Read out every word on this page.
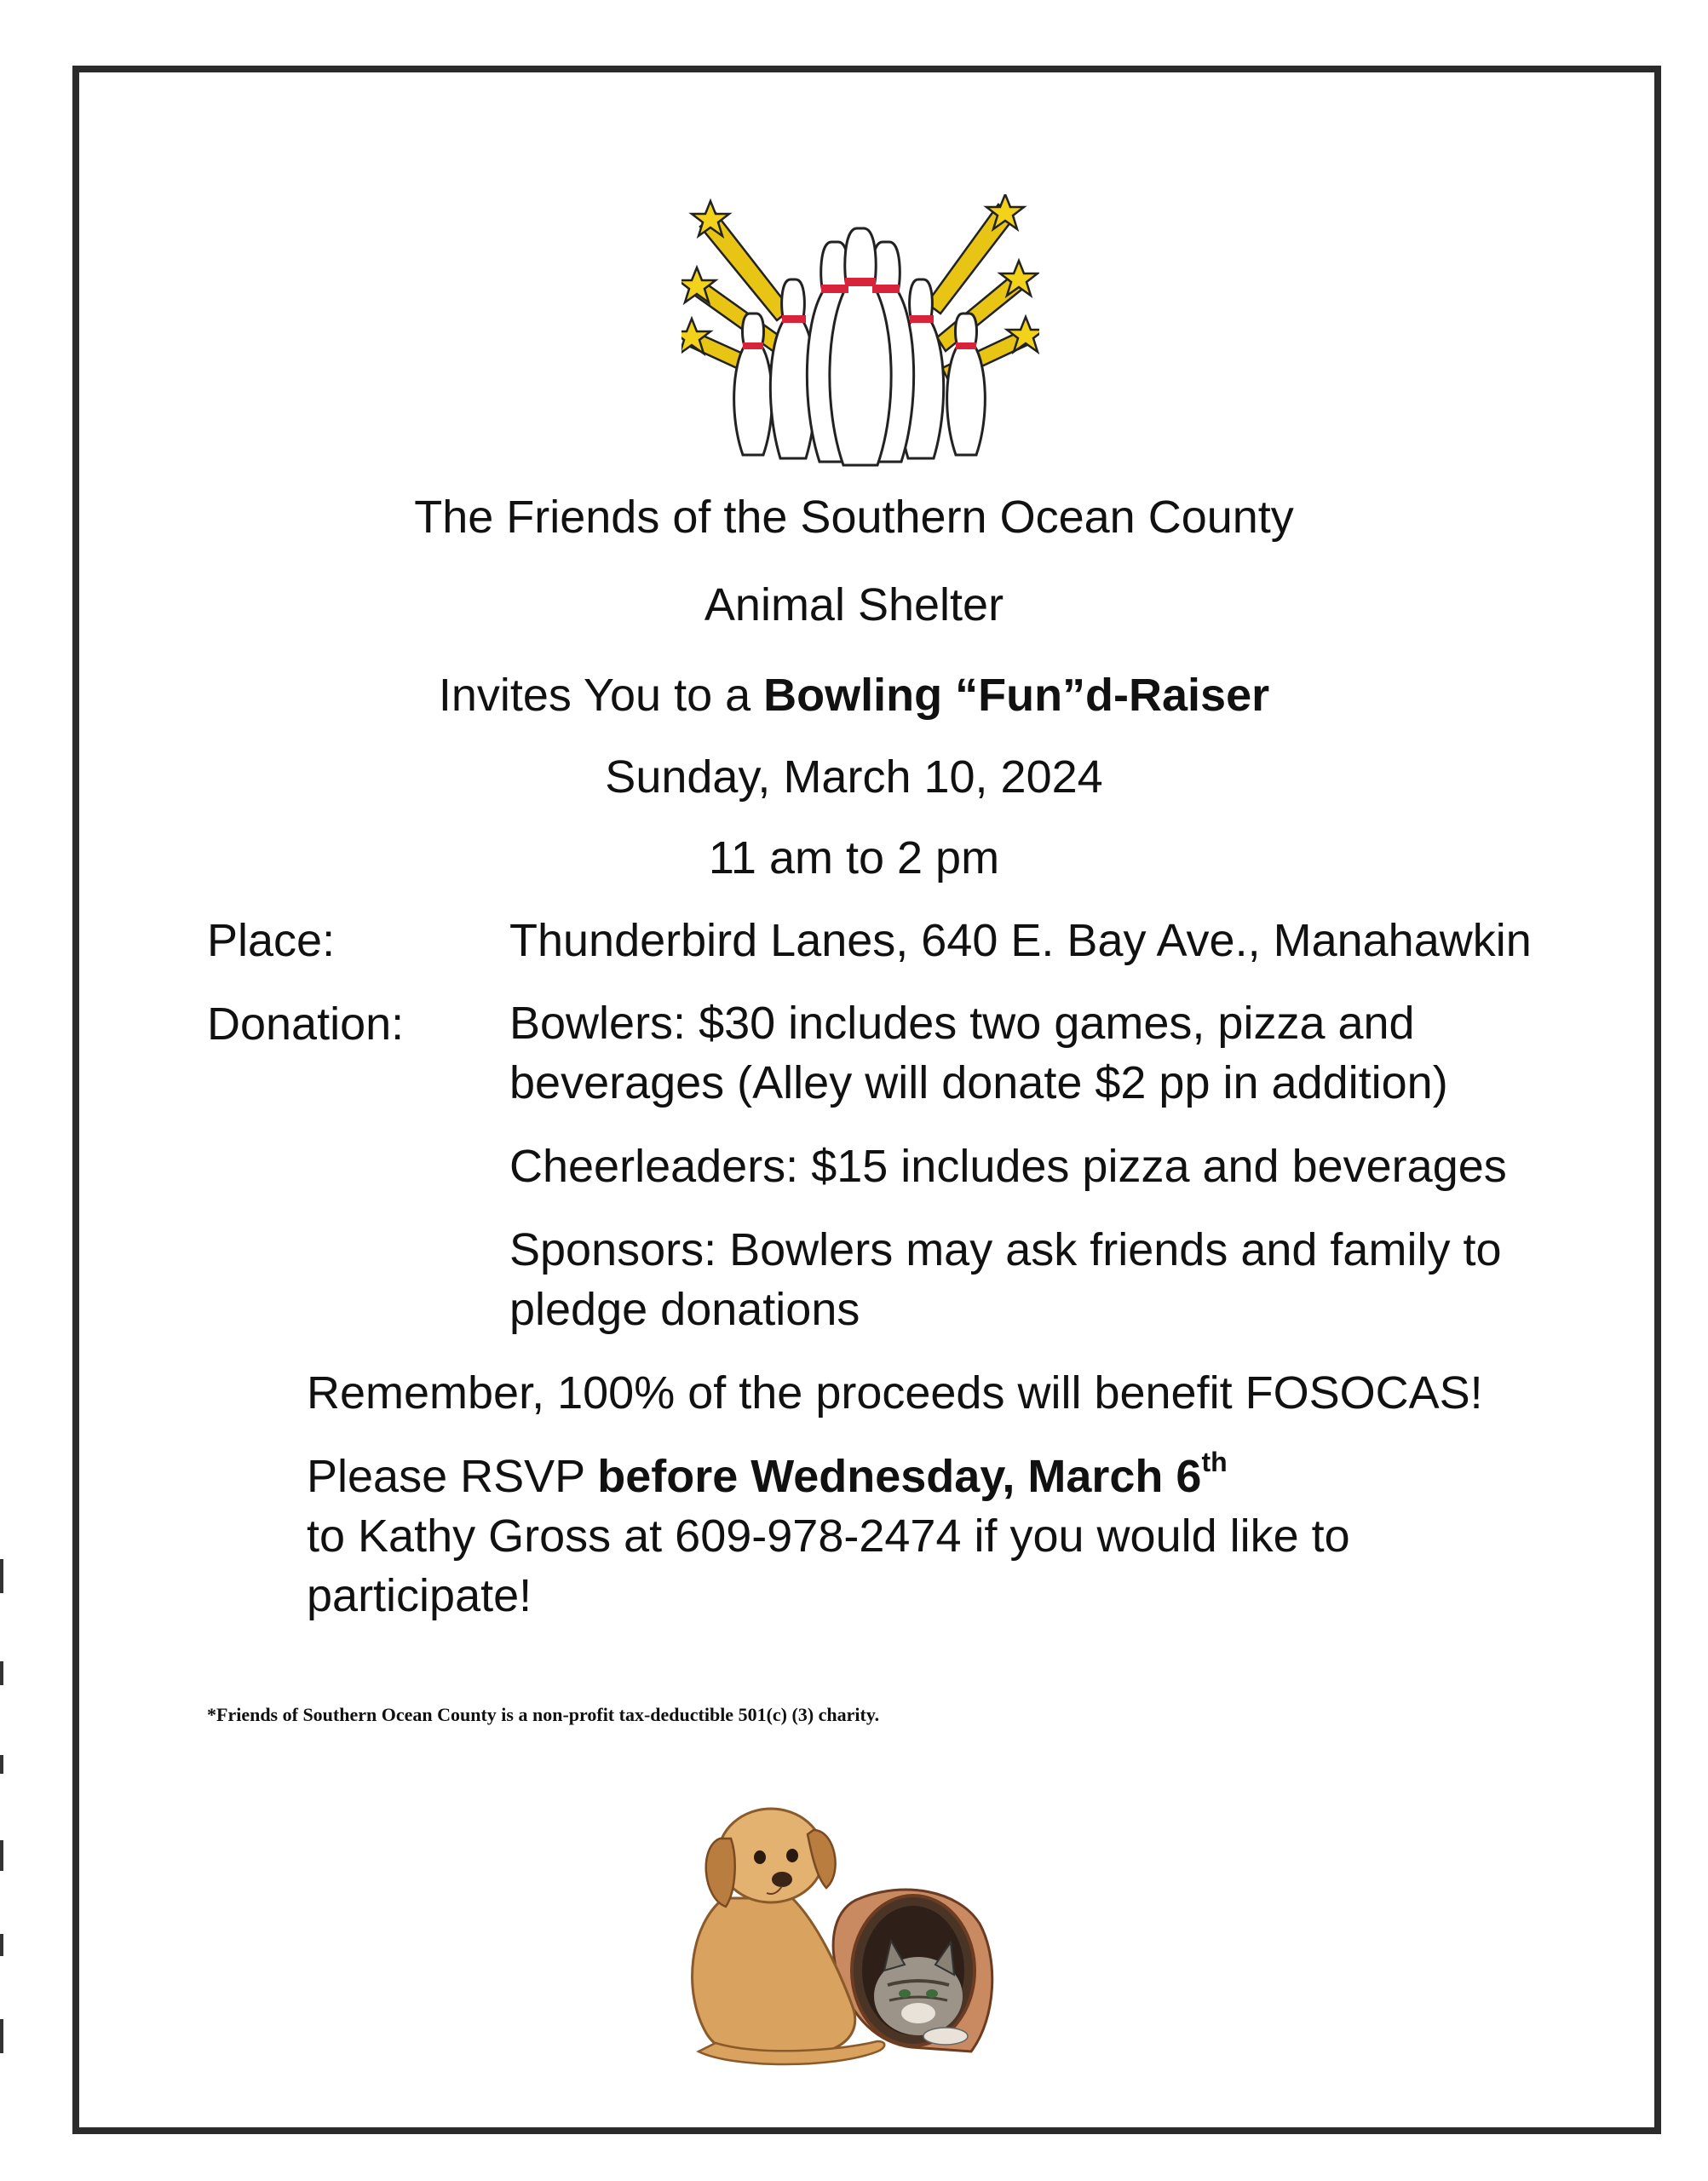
The Friends of the Southern Ocean County
Animal Shelter
Invites You to a Bowling “Fun”d-Raiser
Sunday, March 10, 2024
11 am to 2 pm
Place:	Thunderbird Lanes, 640 E. Bay Ave., Manahawkin
Donation: Bowlers: $30 includes two games, pizza and beverages (Alley will donate $2 pp in addition)
Cheerleaders: $15 includes pizza and beverages
Sponsors: Bowlers may ask friends and family to pledge donations
Remember, 100% of the proceeds will benefit FOSOCAS!
Please RSVP before Wednesday, March 6th
to Kathy Gross at 609-978-2474 if you would like to participate!
*Friends of Southern Ocean County is a non-profit tax-deductible 501(c) (3) charity.
